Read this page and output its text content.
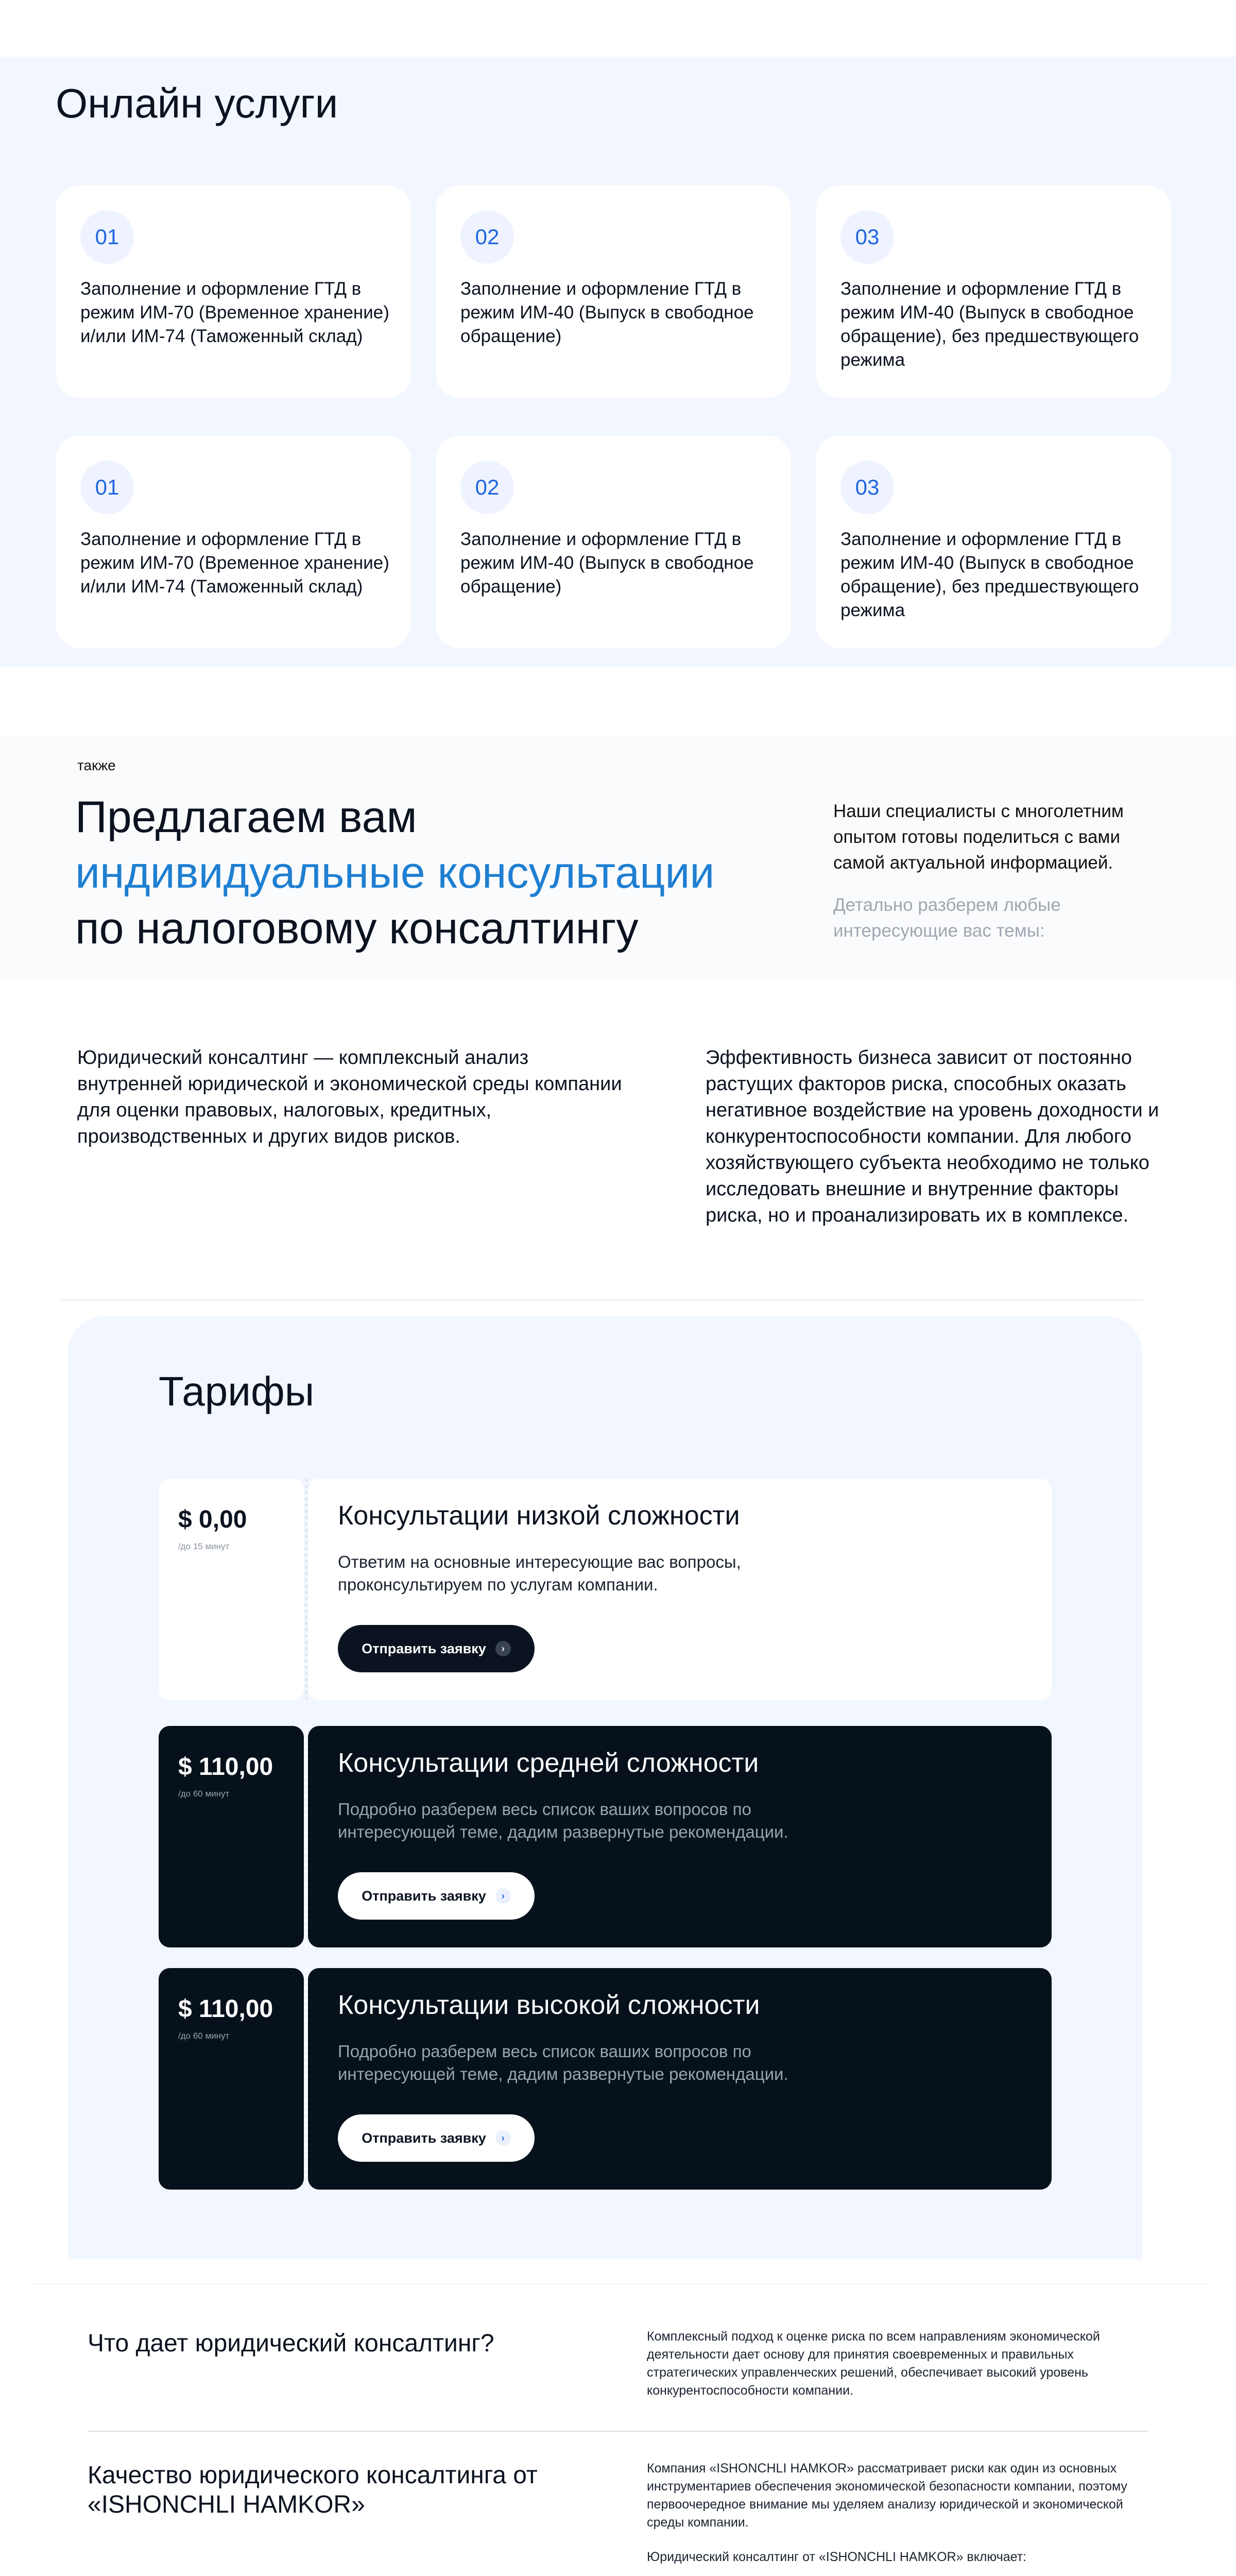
Онлайн услуги
01
Заполнение и оформление ГТД в режим ИМ-70 (Временное хранение) и/или ИМ-74 (Таможенный склад)
02
Заполнение и оформление ГТД в режим ИМ-40 (Выпуск в свободное обращение)
03
Заполнение и оформление ГТД в режим ИМ-40 (Выпуск в свободное обращение), без предшествующего режима
01
Заполнение и оформление ГТД в режим ИМ-70 (Временное хранение) и/или ИМ-74 (Таможенный склад)
02
Заполнение и оформление ГТД в режим ИМ-40 (Выпуск в свободное обращение)
03
Заполнение и оформление ГТД в режим ИМ-40 (Выпуск в свободное обращение), без предшествующего режима
также
Предлагаем вам
индивидуальные консультации
по налоговому консалтингу
Наши специалисты с многолетним опытом готовы поделиться с вами самой актуальной информацией.
Детально разберем любые интересующие вас темы:
Юридический консалтинг — комплексный анализ внутренней юридической и экономической среды компании для оценки правовых, налоговых, кредитных, производственных и других видов рисков.
Эффективность бизнеса зависит от постоянно растущих факторов риска, способных оказать негативное воздействие на уровень доходности и конкурентоспособности компании. Для любого хозяйствующего субъекта необходимо не только исследовать внешние и внутренние факторы риска, но и проанализировать их в комплексе.
Тарифы
$ 0,00
/до 15 минут
Консультации низкой сложности
Ответим на основные интересующие вас вопросы, проконсультируем по услугам компании.
Отправить заявку	›
$ 110,00
/до 60 минут
Консультации средней сложности
Подробно разберем весь список ваших вопросов по интересующей теме, дадим развернутые рекомендации.
Отправить заявку	›
$ 110,00
/до 60 минут
Консультации высокой сложности
Подробно разберем весь список ваших вопросов по интересующей теме, дадим развернутые рекомендации.
Отправить заявку	›
Что дает юридический консалтинг?	Комплексный подход к оценке риска по всем направлениям экономической деятельности дает основу для принятия своевременных и правильных стратегических управленческих решений, обеспечивает высокий уровень конкурентоспособности компании.
Качество юридического консалтинга от «ISHONCHLI HAMKOR»

Компания «ISHONCHLI HAMKOR» рассматривает риски как один из основных инструментариев обеспечения экономической безопасности компании, поэтому первоочередное внимание мы уделяем анализу юридической и экономической среды компании.

Юридический консалтинг от «ISHONCHLI HAMKOR» включает:
